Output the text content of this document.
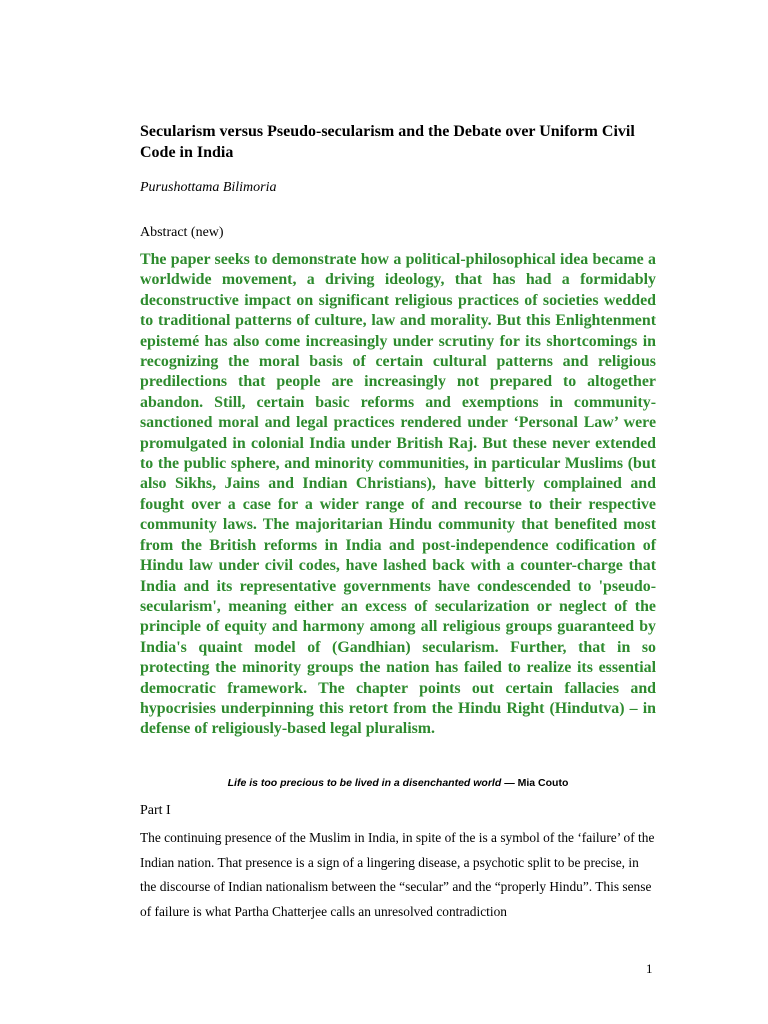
Secularism versus Pseudo-secularism and the Debate over Uniform Civil Code in India
Purushottama Bilimoria
Abstract (new)

The paper seeks to demonstrate how a political-philosophical idea became a worldwide movement, a driving ideology, that has had a formidably deconstructive impact on significant religious practices of societies wedded to traditional patterns of culture, law and morality. But this Enlightenment epistemé has also come increasingly under scrutiny for its shortcomings in recognizing the moral basis of certain cultural patterns and religious predilections that people are increasingly not prepared to altogether abandon. Still, certain basic reforms and exemptions in community-sanctioned moral and legal practices rendered under ‘Personal Law’ were promulgated in colonial India under British Raj. But these never extended to the public sphere, and minority communities, in particular Muslims (but also Sikhs, Jains and Indian Christians), have bitterly complained and fought over a case for a wider range of and recourse to their respective community laws. The majoritarian Hindu community that benefited most from the British reforms in India and post-independence codification of Hindu law under civil codes, have lashed back with a counter-charge that India and its representative governments have condescended to 'pseudo-secularism', meaning either an excess of secularization or neglect of the principle of equity and harmony among all religious groups guaranteed by India's quaint model of (Gandhian) secularism. Further, that in so protecting the minority groups the nation has failed to realize its essential democratic framework. The chapter points out certain fallacies and hypocrisies underpinning this retort from the Hindu Right (Hindutva) – in defense of religiously-based legal pluralism.

Life is too precious to be lived in a disenchanted world — Mia Couto
Part I

The continuing presence of the Muslim in India, in spite of the is a symbol of the ‘failure’ of the Indian nation. That presence is a sign of a lingering disease, a psychotic split to be precise, in the discourse of Indian nationalism between the “secular” and the “properly Hindu”. This sense of failure is what Partha Chatterjee calls an unresolved contradiction

1
